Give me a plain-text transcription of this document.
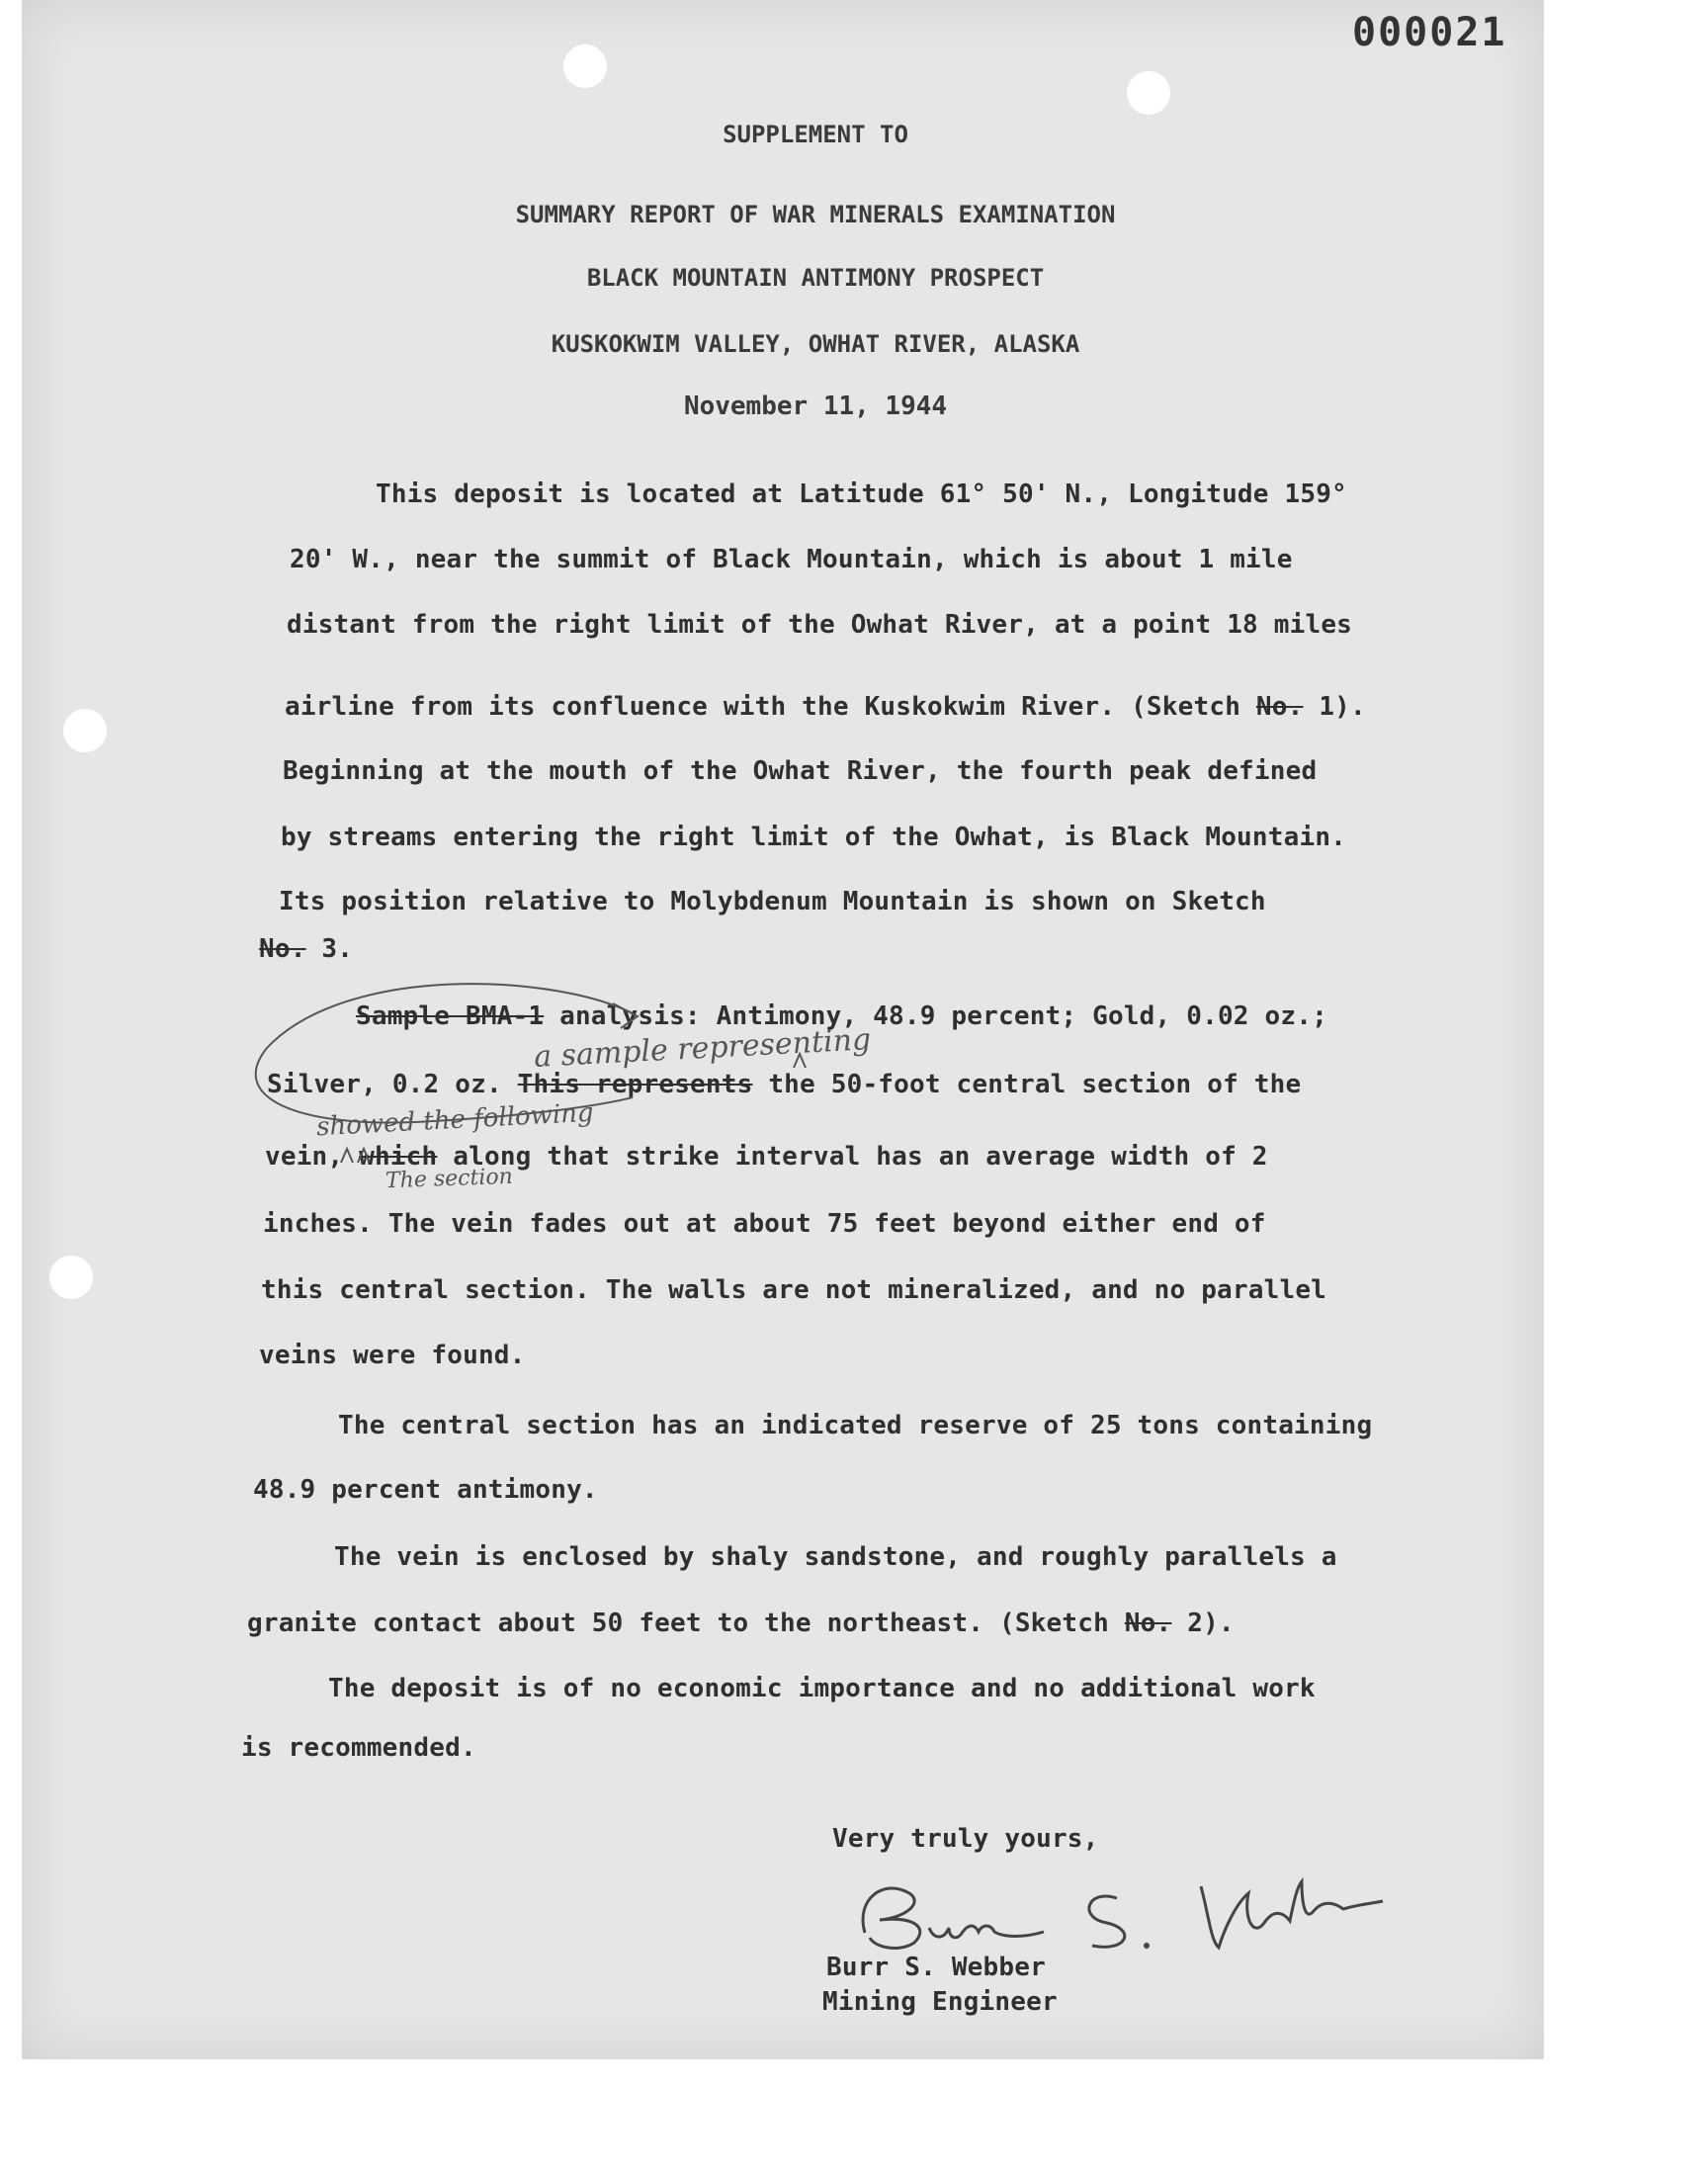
000021
SUPPLEMENT TO
SUMMARY REPORT OF WAR MINERALS EXAMINATION
BLACK MOUNTAIN ANTIMONY PROSPECT
KUSKOKWIM VALLEY, OWHAT RIVER, ALASKA
November 11, 1944
This deposit is located at Latitude 61° 50' N., Longitude 159°
20' W., near the summit of Black Mountain, which is about 1 mile
distant from the right limit of the Owhat River, at a point 18 miles
airline from its confluence with the Kuskokwim River. (Sketch No. 1).
Beginning at the mouth of the Owhat River, the fourth peak defined
by streams entering the right limit of the Owhat, is Black Mountain.
Its position relative to Molybdenum Mountain is shown on Sketch
No. 3.
Sample BMA-1 analysis: Antimony, 48.9 percent; Gold, 0.02 oz.;
Silver, 0.2 oz. This represents the 50-foot central section of the
vein, which along that strike interval has an average width of 2
inches. The vein fades out at about 75 feet beyond either end of
this central section. The walls are not mineralized, and no parallel
veins were found.
a sample representing
showed the following
The section
The central section has an indicated reserve of 25 tons containing
48.9 percent antimony.
The vein is enclosed by shaly sandstone, and roughly parallels a
granite contact about 50 feet to the northeast. (Sketch No. 2).
The deposit is of no economic importance and no additional work
is recommended.
Very truly yours,
Burr S. Webber
Mining Engineer
